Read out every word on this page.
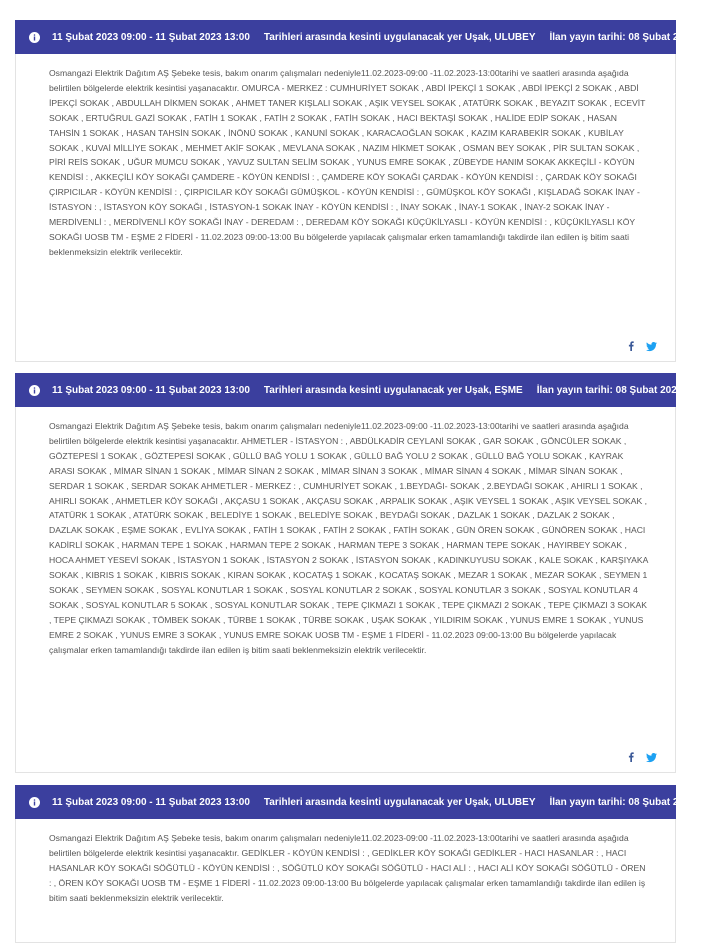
11 Şubat 2023 09:00 - 11 Şubat 2023 13:00 Tarihleri arasında kesinti uygulanacak yer Uşak, ULUBEY İlan yayın tarihi: 08 Şubat 2023

Osmangazi Elektrik Dağıtım AŞ Şebeke tesis, bakım onarım çalışmaları nedeniyle11.02.2023-09:00 -11.02.2023-13:00tarihi ve saatleri arasında aşağıda belirtilen bölgelerde elektrik kesintisi yaşanacaktır. OMURCA - MERKEZ : CUMHURİYET SOKAK , ABDİ İPEKÇİ 1 SOKAK , ABDİ İPEKÇİ 2 SOKAK , ABDİ İPEKÇİ SOKAK , ABDULLAH DİKMEN SOKAK , AHMET TANER KIŞLALI SOKAK , AŞIK VEYSEL SOKAK , ATATÜRK SOKAK , BEYAZIT SOKAK , ECEVİT SOKAK , ERTUĞRUL GAZİ SOKAK , FATİH 1 SOKAK , FATİH 2 SOKAK , FATİH SOKAK , HACI BEKTAŞİ SOKAK , HALİDE EDİP SOKAK , HASAN TAHSİN 1 SOKAK , HASAN TAHSİN SOKAK , İNÖNÜ SOKAK , KANUNİ SOKAK , KARACAOĞLAN SOKAK , KAZIM KARABEKİR SOKAK , KUBİLAY SOKAK , KUVAİ MİLLİYE SOKAK , MEHMET AKİF SOKAK , MEVLANA SOKAK , NAZIM HİKMET SOKAK , OSMAN BEY SOKAK , PİR SULTAN SOKAK , PİRİ REİS SOKAK , UĞUR MUMCU SOKAK , YAVUZ SULTAN SELİM SOKAK , YUNUS EMRE SOKAK , ZÜBEYDE HANIM SOKAK AKKEÇİLİ - KÖYÜN KENDİSİ : , AKKEÇİLİ KÖY SOKAĞI ÇAMDERE - KÖYÜN KENDİSİ : , ÇAMDERE KÖY SOKAĞI ÇARDAK - KÖYÜN KENDİSİ : , ÇARDAK KÖY SOKAĞI ÇIRPICILAR - KÖYÜN KENDİSİ : , ÇIRPICILAR KÖY SOKAĞI GÜMÜŞKOL - KÖYÜN KENDİSİ : , GÜMÜŞKOL KÖY SOKAĞI , KIŞLADAĞ SOKAK İNAY - İSTASYON : , İSTASYON KÖY SOKAĞI , İSTASYON-1 SOKAK İNAY - KÖYÜN KENDİSİ : , İNAY SOKAK , İNAY-1 SOKAK , İNAY-2 SOKAK İNAY - MERDİVENLİ : , MERDİVENLİ KÖY SOKAĞI İNAY - DEREDAM : , DEREDAM KÖY SOKAĞI KÜÇÜKİLYASLI - KÖYÜN KENDİSİ : , KÜÇÜKİLYASLI KÖY SOKAĞI UOSB TM - EŞME 2 FİDERİ - 11.02.2023 09:00-13:00 Bu bölgelerde yapılacak çalışmalar erken tamamlandığı takdirde ilan edilen iş bitim saati beklenmeksizin elektrik verilecektir.

11 Şubat 2023 09:00 - 11 Şubat 2023 13:00 Tarihleri arasında kesinti uygulanacak yer Uşak, EŞME İlan yayın tarihi: 08 Şubat 2023

Osmangazi Elektrik Dağıtım AŞ Şebeke tesis, bakım onarım çalışmaları nedeniyle11.02.2023-09:00 -11.02.2023-13:00tarihi ve saatleri arasında aşağıda belirtilen bölgelerde elektrik kesintisi yaşanacaktır. AHMETLER - İSTASYON : , ABDÜLKADİR CEYLANİ SOKAK , GAR SOKAK , GÖNCÜLER SOKAK , GÖZTEPESİ 1 SOKAK , GÖZTEPESİ SOKAK , GÜLLÜ BAĞ YOLU 1 SOKAK , GÜLLÜ BAĞ YOLU 2 SOKAK , GÜLLÜ BAĞ YOLU SOKAK , KAYRAK ARASI SOKAK , MİMAR SİNAN 1 SOKAK , MİMAR SİNAN 2 SOKAK , MİMAR SİNAN 3 SOKAK , MİMAR SİNAN 4 SOKAK , MİMAR SİNAN SOKAK , SERDAR 1 SOKAK , SERDAR SOKAK AHMETLER - MERKEZ : , CUMHURİYET SOKAK , 1.BEYDAĞI- SOKAK , 2.BEYDAĞI SOKAK , AHIRLI 1 SOKAK , AHIRLI SOKAK , AHMETLER KÖY SOKAĞI , AKÇASU 1 SOKAK , AKÇASU SOKAK , ARPALIK SOKAK , AŞIK VEYSEL 1 SOKAK , AŞIK VEYSEL SOKAK , ATATÜRK 1 SOKAK , ATATÜRK SOKAK , BELEDİYE 1 SOKAK , BELEDİYE SOKAK , BEYDAĞI SOKAK , DAZLAK 1 SOKAK , DAZLAK 2 SOKAK , DAZLAK SOKAK , EŞME SOKAK , EVLİYA SOKAK , FATİH 1 SOKAK , FATİH 2 SOKAK , FATİH SOKAK , GÜN ÖREN SOKAK , GÜNÖREN SOKAK , HACI KADİRLİ SOKAK , HARMAN TEPE 1 SOKAK , HARMAN TEPE 2 SOKAK , HARMAN TEPE 3 SOKAK , HARMAN TEPE SOKAK , HAYIRBEY SOKAK , HOCA AHMET YESEVİ SOKAK , İSTASYON 1 SOKAK , İSTASYON 2 SOKAK , İSTASYON SOKAK , KADINKUYUSU SOKAK , KALE SOKAK , KARŞIYAKA SOKAK , KIBRIS 1 SOKAK , KIBRIS SOKAK , KIRAN SOKAK , KOCATAŞ 1 SOKAK , KOCATAŞ SOKAK , MEZAR 1 SOKAK , MEZAR SOKAK , SEYMEN 1 SOKAK , SEYMEN SOKAK , SOSYAL KONUTLAR 1 SOKAK , SOSYAL KONUTLAR 2 SOKAK , SOSYAL KONUTLAR 3 SOKAK , SOSYAL KONUTLAR 4 SOKAK , SOSYAL KONUTLAR 5 SOKAK , SOSYAL KONUTLAR SOKAK , TEPE ÇIKMAZI 1 SOKAK , TEPE ÇIKMAZI 2 SOKAK , TEPE ÇIKMAZI 3 SOKAK , TEPE ÇIKMAZI SOKAK , TÖMBEK SOKAK , TÜRBE 1 SOKAK , TÜRBE SOKAK , UŞAK SOKAK , YILDIRIM SOKAK , YUNUS EMRE 1 SOKAK , YUNUS EMRE 2 SOKAK , YUNUS EMRE 3 SOKAK , YUNUS EMRE SOKAK UOSB TM - EŞME 1 FİDERİ - 11.02.2023 09:00-13:00 Bu bölgelerde yapılacak çalışmalar erken tamamlandığı takdirde ilan edilen iş bitim saati beklenmeksizin elektrik verilecektir.

11 Şubat 2023 09:00 - 11 Şubat 2023 13:00 Tarihleri arasında kesinti uygulanacak yer Uşak, ULUBEY İlan yayın tarihi: 08 Şubat 2023

Osmangazi Elektrik Dağıtım AŞ Şebeke tesis, bakım onarım çalışmaları nedeniyle11.02.2023-09:00 -11.02.2023-13:00tarihi ve saatleri arasında aşağıda belirtilen bölgelerde elektrik kesintisi yaşanacaktır. GEDİKLER - KÖYÜN KENDİSİ : , GEDİKLER KÖY SOKAĞI GEDİKLER - HACI HASANLAR : , HACI HASANLAR KÖY SOKAĞI SÖĞÜTLÜ - KÖYÜN KENDİSİ : , SÖĞÜTLÜ KÖY SOKAĞI SÖĞÜTLÜ - HACI ALİ : , HACI ALİ KÖY SOKAĞI SÖĞÜTLÜ - ÖREN : , ÖREN KÖY SOKAĞI UOSB TM - EŞME 1 FİDERİ - 11.02.2023 09:00-13:00 Bu bölgelerde yapılacak çalışmalar erken tamamlandığı takdirde ilan edilen iş bitim saati beklenmeksizin elektrik verilecektir.
